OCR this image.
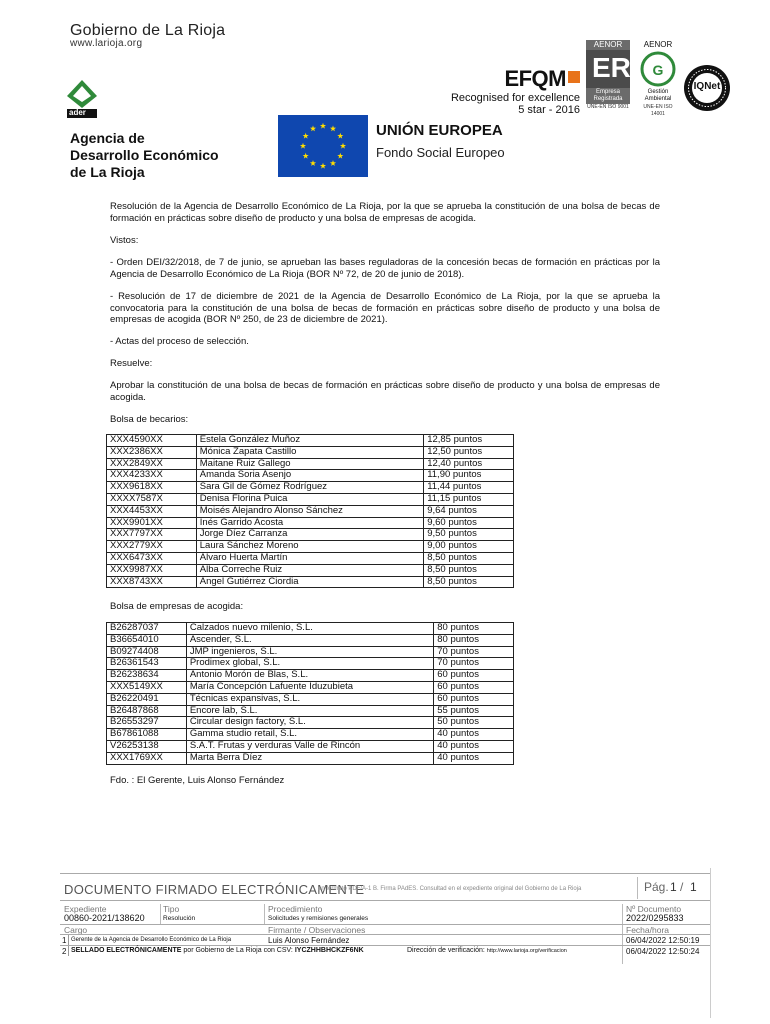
Gobierno de La Rioja
www.larioja.org
ader
Agencia de
Desarrollo Económico
de La Rioja
EFQM
Recognised for excellence
5 star - 2016
AENOR
ER
Empresa Registrada
UNE-EN ISO 9001
AENOR
G
Gestión Ambiental
UNE-EN ISO 14001
IQNet
UNIÓN EUROPEA
Fondo Social Europeo
Resolución de la Agencia de Desarrollo Económico de La Rioja, por la que se aprueba la constitución de una bolsa de becas de formación en prácticas sobre diseño de producto y una bolsa de empresas de acogida.
Vistos:
- Orden DEI/32/2018, de 7 de junio, se aprueban las bases reguladoras de la concesión becas de formación en prácticas por la Agencia de Desarrollo Económico de La Rioja (BOR Nº 72, de 20 de junio de 2018).
- Resolución de 17 de diciembre de 2021 de la Agencia de Desarrollo Económico de La Rioja, por la que se aprueba la convocatoria para la constitución de una bolsa de becas de formación en prácticas sobre diseño de producto y una bolsa de empresas de acogida (BOR Nº 250, de 23 de diciembre de 2021).
- Actas del proceso de selección.
Resuelve:
Aprobar la constitución de una bolsa de becas de formación en prácticas sobre diseño de producto y una bolsa de empresas de acogida.
Bolsa de becarios:
XXX4590XX	Estela González Muñoz	12,85 puntos
XXX2386XX	Mónica Zapata Castillo	12,50 puntos
XXX2849XX	Maitane Ruiz Gallego	12,40 puntos
XXX4233XX	Amanda Soria Asenjo	11,90 puntos
XXX9618XX	Sara Gil de Gómez Rodríguez	11,44 puntos
XXXX7587X	Denisa Florina Puica	11,15 puntos
XXX4453XX	Moisés Alejandro Alonso Sánchez	9,64 puntos
XXX9901XX	Inés Garrido Acosta	9,60 puntos
XXX7797XX	Jorge Díez Carranza	9,50 puntos
XXX2779XX	Laura Sánchez Moreno	9,00 puntos
XXX6473XX	Álvaro Huerta Martín	8,50 puntos
XXX9987XX	Alba Correche Ruiz	8,50 puntos
XXX8743XX	Ángel Gutiérrez Ciordia	8,50 puntos
Bolsa de empresas de acogida:
B26287037	Calzados nuevo milenio, S.L.	80 puntos
B36654010	Ascender, S.L.	80 puntos
B09274408	JMP ingenieros, S.L.	70 puntos
B26361543	Prodimex global, S.L.	70 puntos
B26238634	Antonio Morón de Blas, S.L.	60 puntos
XXX5149XX	María Concepción Lafuente Iduzubieta	60 puntos
B26220491	Técnicas expansivas, S.L.	60 puntos
B26487868	Encore lab, S.L.	55 puntos
B26553297	Circular design factory, S.L.	50 puntos
B67861088	Gamma studio retail, S.L.	40 puntos
V26253138	S.A.T. Frutas y verduras Valle de Rincón	40 puntos
XXX1769XX	Marta Berra Díez	40 puntos
Fdo. : El Gerente, Luis Alonso Fernández
DOCUMENTO FIRMADO ELECTRÓNICAMENTE
en formato PDF/A-1 B. Firma PAdES. Consultad en el expediente original del Gobierno de La Rioja	Pág. 1 / 1
Expediente	Tipo	Procedimiento	Nº Documento
00860-2021/138620	Resolución	Solicitudes y remisiones generales	2022/0295833
Cargo	Firmante / Observaciones	Fecha/hora
1 Gerente de la Agencia de Desarrollo Económico de La Rioja	Luis Alonso Fernández	06/04/2022 12:50:19
2 SELLADO ELECTRÓNICAMENTE por Gobierno de La Rioja con CSV: IYCZHHBHCKZF6NK	Dirección de verificación: http://www.larioja.org/verificacion	06/04/2022 12:50:24
